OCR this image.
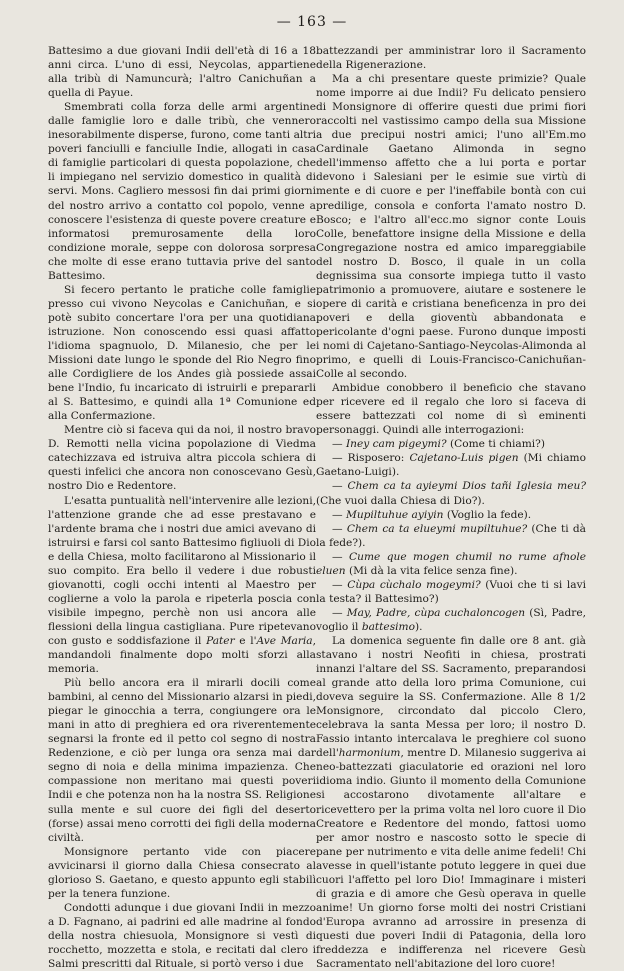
— 163 —

Battesimo a due giovani Indii dell'età di 16 a 18 anni circa. L'uno di essi, Neycolas, appartiene alla tribù di Namuncurà; l'altro Canichuñan a quella di Payue.

Smembrati colla forza delle armi argentine dalle famiglie loro e dalle tribù, che vennero inesorabilmente disperse, furono, come tanti altri poveri fanciulli e fanciulle Indie, allogati in casa di famiglie particolari di questa popolazione, che li impiegano nel servizio domestico in qualità di servi. Mons. Cagliero messosi fin dai primi giorni del nostro arrivo a contatto col popolo, venne a conoscere l'esistenza di queste povere creature e informatosi premurosamente della loro condizione morale, seppe con dolorosa sorpresa che molte di esse erano tuttavia prive del santo Battesimo.

Si fecero pertanto le pratiche colle famiglie presso cui vivono Neycolas e Canichuñan, e si potè subito concertare l'ora per una quotidiana istruzione. Non conoscendo essi quasi affatto l'idioma spagnuolo, D. Milanesio, che per le Missioni date lungo le sponde del Rio Negro fino alle Cordigliere de los Andes già possiede assai bene l'Indio, fu incaricato di istruirli e prepararli al S. Battesimo, e quindi alla 1ª Comunione ed alla Confermazione.

Mentre ciò si faceva qui da noi, il nostro bravo D. Remotti nella vicina popolazione di Viedma catechizzava ed istruiva altra piccola schiera di questi infelici che ancora non conoscevano Gesù, nostro Dio e Redentore.

L'esatta puntualità nell'intervenire alle lezioni, l'attenzione grande che ad esse prestavano e l'ardente brama che i nostri due amici avevano di istruirsi e farsi col santo Battesimo figliuoli di Dio e della Chiesa, molto facilitarono al Missionario il suo compito. Era bello il vedere i due robusti giovanotti, cogli occhi intenti al Maestro per coglierne a volo la parola e ripeterla poscia con visibile impegno, perchè non usi ancora alle flessioni della lingua castigliana. Pure ripetevano con gusto e soddisfazione il Pater e l'Ave Maria, mandandoli finalmente dopo molti sforzi alla memoria.

Più bello ancora era il mirarli docili come bambini, al cenno del Missionario alzarsi in piedi, piegar le ginocchia a terra, congiungere ora le mani in atto di preghiera ed ora riverentemente segnarsi la fronte ed il petto col segno di nostra Redenzione, e ciò per lunga ora senza mai dar segno di noia e della minima impazienza. Che compassione non meritano mai questi poveri Indii e che potenza non ha la nostra SS. Religione sulla mente e sul cuore dei figli del deserto (forse) assai meno corrotti dei figli della moderna civiltà.

Monsignore pertanto vide con piacere avvicinarsi il giorno dalla Chiesa consecrato al glorioso S. Gaetano, e questo appunto egli stabilì per la tenera funzione.

Condotti adunque i due giovani Indii in mezzo a D. Fagnano, ai padrini ed alle madrine al fondo della nostra chiesuola, Monsignore si vestì di rocchetto, mozzetta e stola, e recitati dal clero i Salmi prescritti dal Rituale, si portò verso i due

battezzandi per amministrar loro il Sacramento della Rigenerazione.

Ma a chi presentare queste primizie? Quale nome imporre ai due Indii? Fu delicato pensiero di Monsignore di offerire questi due primi fiori raccolti nel vastissimo campo della sua Missione a due precipui nostri amici; l'uno all'Em.mo Cardinale Gaetano Alimonda in segno dell'immenso affetto che a lui porta e portar devono i Salesiani per le esimie sue virtù di mente e di cuore e per l'ineffabile bontà con cui predilige, consola e conforta l'amato nostro D. Bosco; e l'altro all'ecc.mo signor conte Louis Colle, benefattore insigne della Missione e della Congregazione nostra ed amico impareggiabile del nostro D. Bosco, il quale in un colla degnissima sua consorte impiega tutto il vasto patrimonio a promuovere, aiutare e sostenere le opere di carità e cristiana beneficenza in pro dei poveri e della gioventù abbandonata e pericolante d'ogni paese. Furono dunque imposti i nomi di Cajetano-Santiago-Neycolas-Alimonda al primo, e quelli di Louis-Francisco-Canichuñan-Colle al secondo.

Ambidue conobbero il beneficio che stavano per ricevere ed il regalo che loro si faceva di essere battezzati col nome di sì eminenti personaggi. Quindi alle interrogazioni:

— Iney cam pigeymi? (Come ti chiami?)

— Risposero: Cajetano-Luis pigen (Mi chiamo Gaetano-Luigi).

— Chem ca ta ayieymi Dios tañi Iglesia meu? (Che vuoi dalla Chiesa di Dio?).

— Mupiltuhue ayiyin (Voglio la fede).

— Chem ca ta elueymi mupiltuhue? (Che ti dà la fede?).

— Cume que mogen chumil no rume afnole eluen (Mi dà la vita felice senza fine).

— Cùpa cùchalo mogeymi? (Vuoi che ti si lavi la testa? il Battesimo?)

— May, Padre, cùpa cuchaloncogen (Sì, Padre, voglio il battesimo).

La domenica seguente fin dalle ore 8 ant. già stavano i nostri Neofiti in chiesa, prostrati innanzi l'altare del SS. Sacramento, preparandosi al grande atto della loro prima Comunione, cui doveva seguire la SS. Confermazione. Alle 8 1/2 Monsignore, circondato dal piccolo Clero, celebrava la santa Messa per loro; il nostro D. Fassio intanto intercalava le preghiere col suono dell'harmonium, mentre D. Milanesio suggeriva ai neo-battezzati giaculatorie ed orazioni nel loro idioma indio. Giunto il momento della Comunione si accostarono divotamente all'altare e ricevettero per la prima volta nel loro cuore il Dio Creatore e Redentore del mondo, fattosi uomo per amor nostro e nascosto sotto le specie di pane per nutrimento e vita delle anime fedeli! Chi avesse in quell'istante potuto leggere in quei due cuori l'affetto pel loro Dio! Immaginare i misteri di grazia e di amore che Gesù operava in quelle anime! Un giorno forse molti dei nostri Cristiani d'Europa avranno ad arrossire in presenza di questi due poveri Indii di Patagonia, della loro freddezza e indifferenza nel ricevere Gesù Sacramentato nell'abitazione del loro cuore!
